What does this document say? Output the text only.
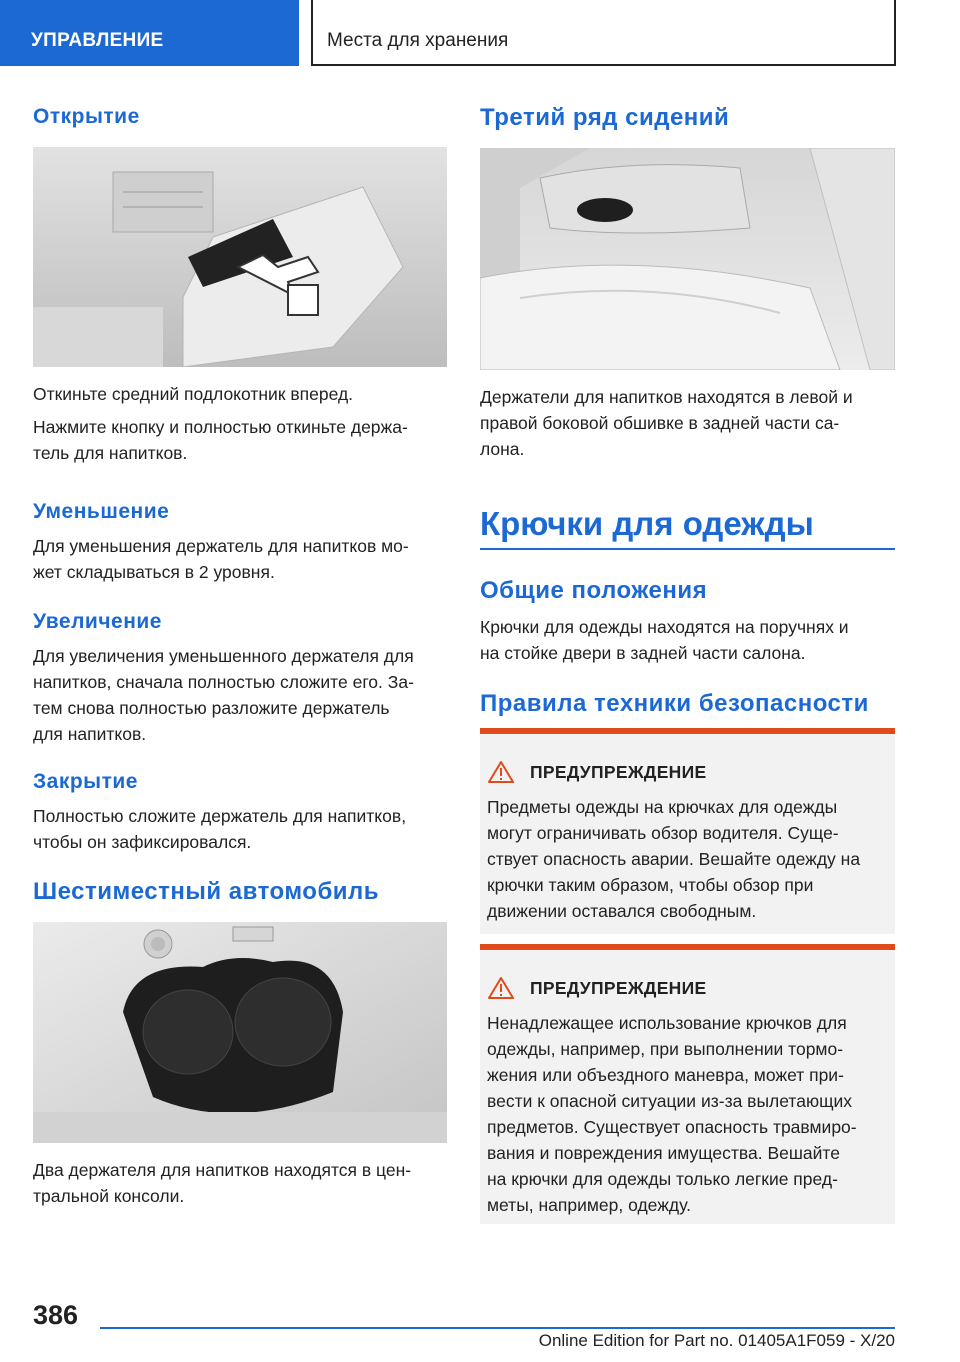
УПРАВЛЕНИЕ	Места для хранения
Открытие
Откиньте средний подлокотник вперед.
Нажмите кнопку и полностью откиньте держа-
тель для напитков.
Уменьшение
Для уменьшения держатель для напитков мо-
жет складываться в 2 уровня.
Увеличение
Для увеличения уменьшенного держателя для
напитков, сначала полностью сложите его. За-
тем снова полностью разложите держатель
для напитков.
Закрытие
Полностью сложите держатель для напитков,
чтобы он зафиксировался.
Шестиместный автомобиль
Два держателя для напитков находятся в цен-
тральной консоли.
Третий ряд сидений
Держатели для напитков находятся в левой и
правой боковой обшивке в задней части са-
лона.
Крючки для одежды
Общие положения
Крючки для одежды находятся на поручнях и
на стойке двери в задней части салона.
Правила техники безопасности
ПРЕДУПРЕЖДЕНИЕ
Предметы одежды на крючках для одежды
могут ограничивать обзор водителя. Суще-
ствует опасность аварии. Вешайте одежду на
крючки таким образом, чтобы обзор при
движении оставался свободным.
ПРЕДУПРЕЖДЕНИЕ
Ненадлежащее использование крючков для
одежды, например, при выполнении тормо-
жения или объездного маневра, может при-
вести к опасной ситуации из-за вылетающих
предметов. Существует опасность травмиро-
вания и повреждения имущества. Вешайте
на крючки для одежды только легкие пред-
меты, например, одежду.
386
Online Edition for Part no. 01405A1F059 - X/20
